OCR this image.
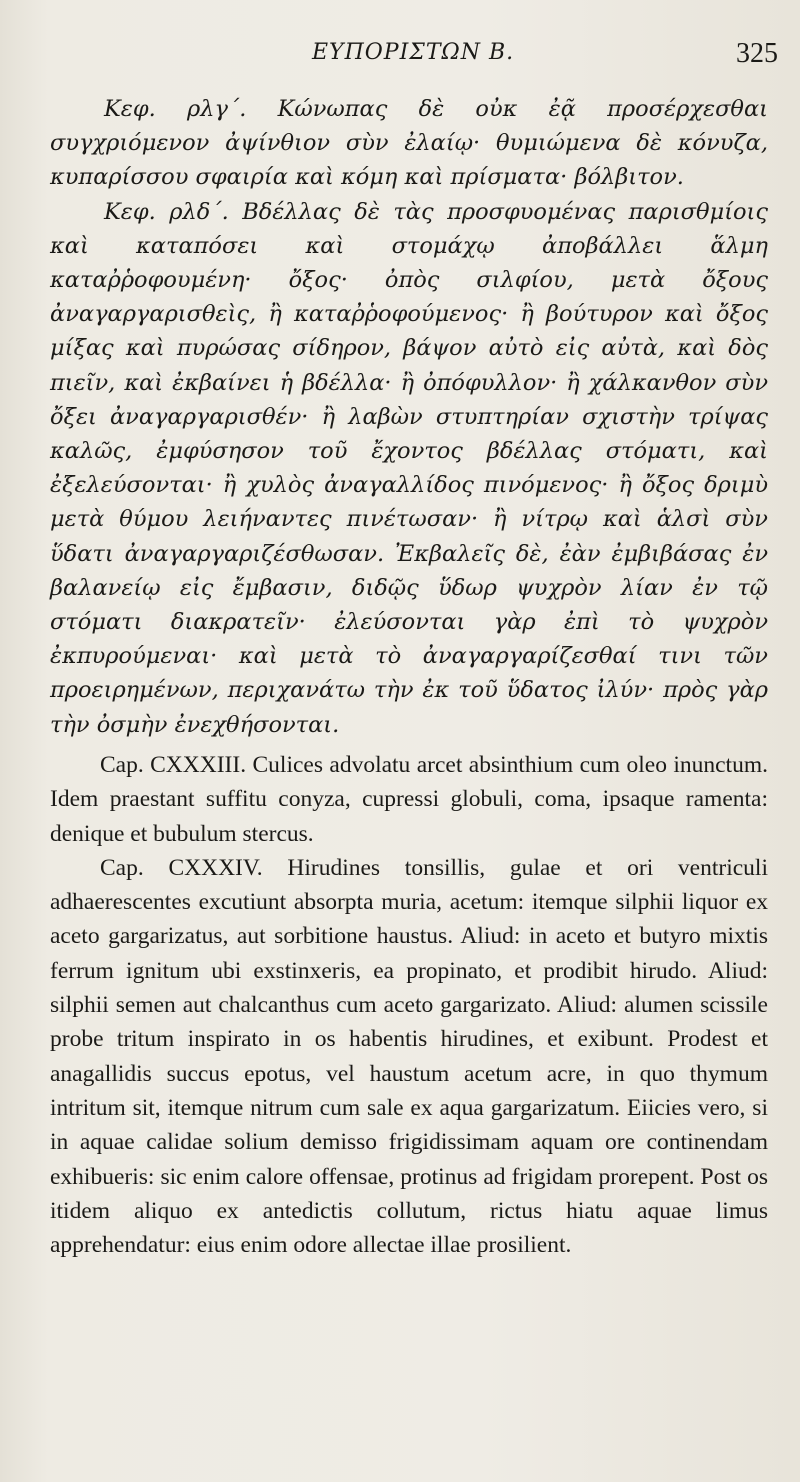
ΕΥΠΟΡΙΣΤΩΝ Β.	325

Κεφ. ρλγ΄. Κώνωπας δὲ οὐκ ἐᾷ προσέρχεσθαι συγχριόμενον ἀψίνθιον σὺν ἐλαίῳ· θυμιώμενα δὲ κόνυζα, κυπαρίσσου σφαιρία καὶ κόμη καὶ πρίσματα· βόλβιτον.

Κεφ. ρλδ΄. Βδέλλας δὲ τὰς προσφυομένας παρισθμίοις καὶ καταπόσει καὶ στομάχῳ ἀποβάλλει ἅλμη καταῤῥοφουμένη· ὄξος· ὀπὸς σιλφίου, μετὰ ὄξους ἀναγαργαρισθεὶς, ἢ καταῤῥοφούμενος· ἢ βούτυρον καὶ ὄξος μίξας καὶ πυρώσας σίδηρον, βάψον αὐτὸ εἰς αὐτὰ, καὶ δὸς πιεῖν, καὶ ἐκβαίνει ἡ βδέλλα· ἢ ὀπόφυλλον· ἢ χάλκανθον σὺν ὄξει ἀναγαργαρισθέν· ἢ λαβὼν στυπτηρίαν σχιστὴν τρίψας καλῶς, ἐμφύσησον τοῦ ἔχοντος βδέλλας στόματι, καὶ ἐξελεύσονται· ἢ χυλὸς ἀναγαλλίδος πινόμενος· ἢ ὄξος δριμὺ μετὰ θύμου λειήναντες πινέτωσαν· ἢ νίτρῳ καὶ ἁλσὶ σὺν ὕδατι ἀναγαργαριζέσθωσαν. Ἐκβαλεῖς δὲ, ἐὰν ἐμβιβάσας ἐν βαλανείῳ εἰς ἔμβασιν, διδῷς ὕδωρ ψυχρὸν λίαν ἐν τῷ στόματι διακρατεῖν· ἐλεύσονται γὰρ ἐπὶ τὸ ψυχρὸν ἐκπυρούμεναι· καὶ μετὰ τὸ ἀναγαργαρίζεσθαί τινι τῶν προειρημένων, περιχανάτω τὴν ἐκ τοῦ ὕδατος ἰλύν· πρὸς γὰρ τὴν ὀσμὴν ἐνεχθήσονται.

Cap. CXXXIII. Culices advolatu arcet absinthium cum oleo inunctum. Idem praestant suffitu conyza, cupressi globuli, coma, ipsaque ramenta: denique et bubulum stercus.

Cap. CXXXIV. Hirudines tonsillis, gulae et ori ventriculi adhaerescentes excutiunt absorpta muria, acetum: itemque silphii liquor ex aceto gargarizatus, aut sorbitione haustus. Aliud: in aceto et butyro mixtis ferrum ignitum ubi exstinxeris, ea propinato, et prodibit hirudo. Aliud: silphii semen aut chalcanthus cum aceto gargarizato. Aliud: alumen scissile probe tritum inspirato in os habentis hirudines, et exibunt. Prodest et anagallidis succus epotus, vel haustum acetum acre, in quo thymum intritum sit, itemque nitrum cum sale ex aqua gargarizatum. Eiicies vero, si in aquae calidae solium demisso frigidissimam aquam ore continendam exhibueris: sic enim calore offensae, protinus ad frigidam prorepent. Post os itidem aliquo ex antedictis collutum, rictus hiatu aquae limus apprehendatur: eius enim odore allectae illae prosilient.
